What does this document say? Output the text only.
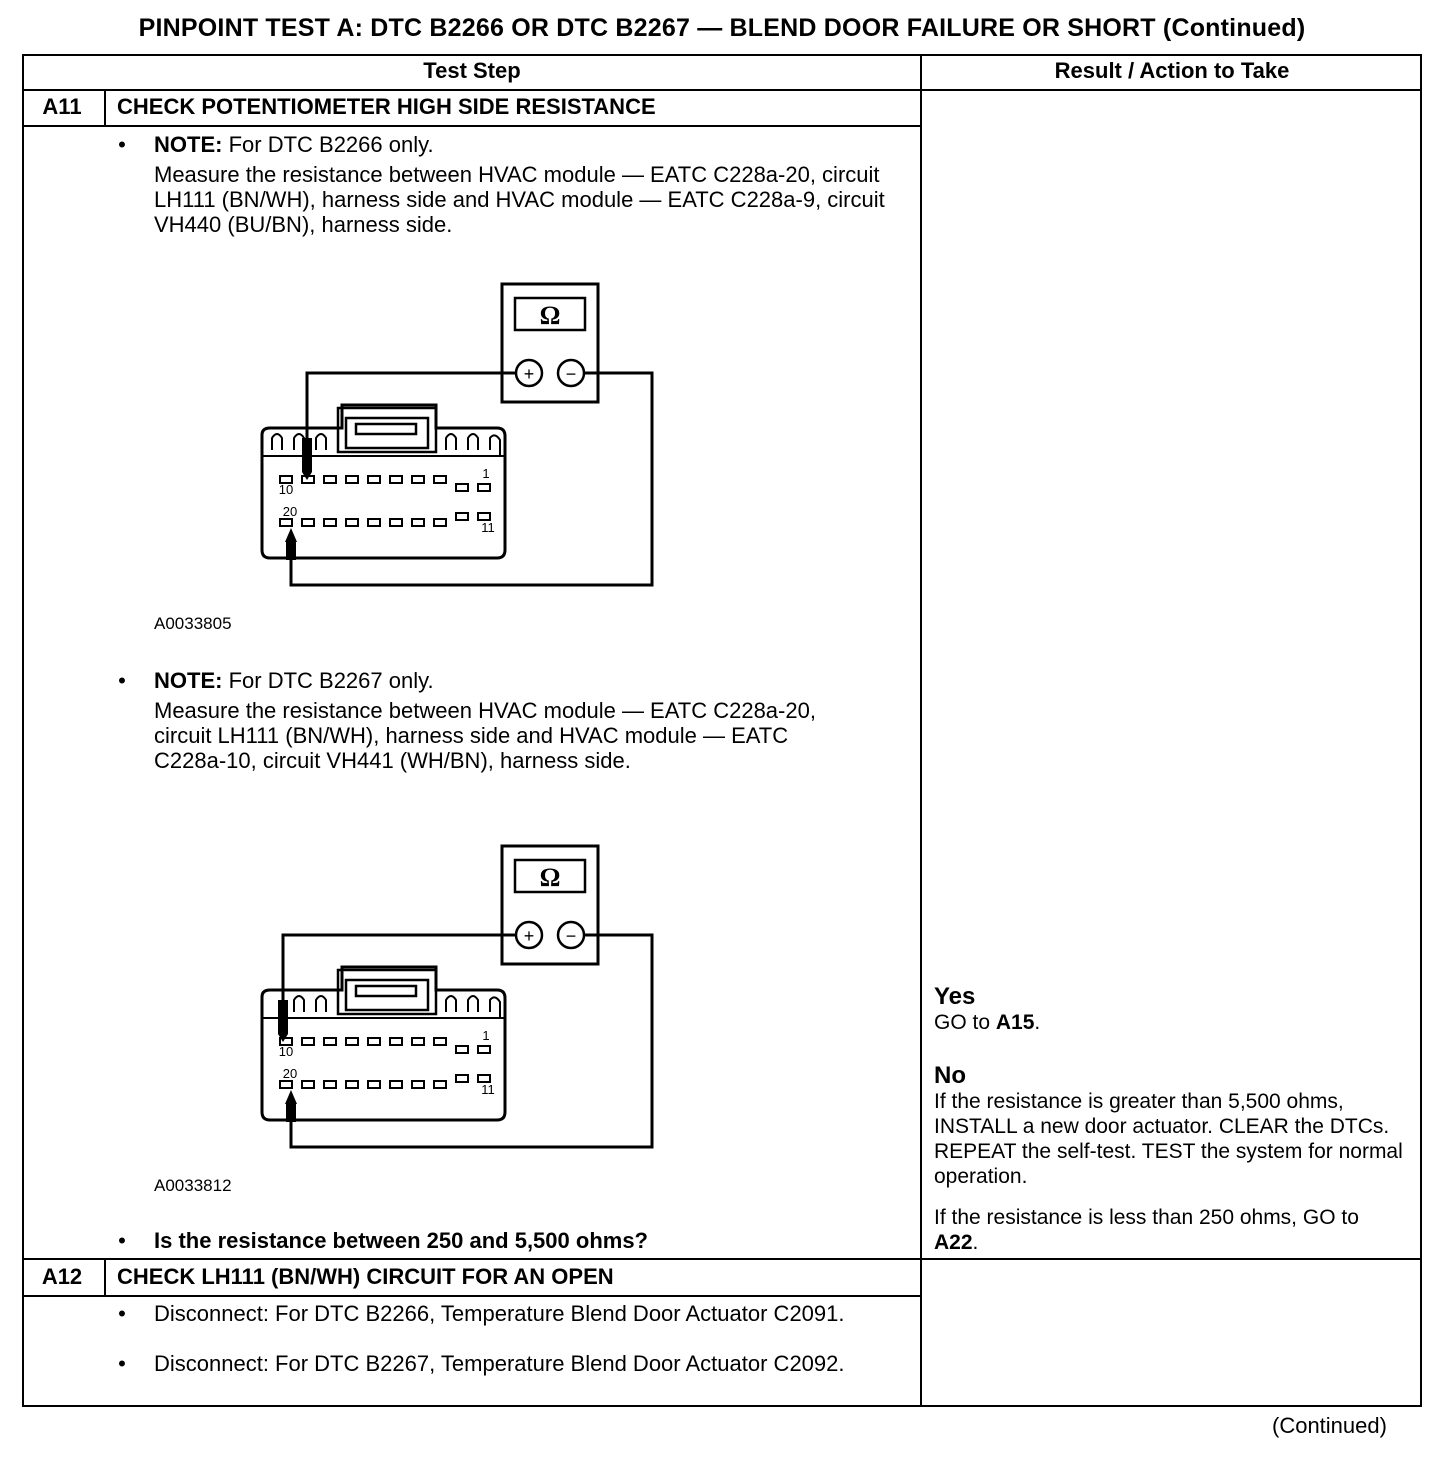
PINPOINT TEST A: DTC B2266 OR DTC B2267 — BLEND DOOR FAILURE OR SHORT (Continued)
Test Step	Result / Action to Take
A11	CHECK POTENTIOMETER HIGH SIDE RESISTANCE
• NOTE: For DTC B2266 only.
Measure the resistance between HVAC module — EATC C228a-20, circuit LH111 (BN/WH), harness side and HVAC module — EATC C228a-9, circuit VH440 (BU/BN), harness side.
Ω
+ −
1
10
11
20
A0033805
• NOTE: For DTC B2267 only.
Measure the resistance between HVAC module — EATC C228a-20, circuit LH111 (BN/WH), harness side and HVAC module — EATC C228a-10, circuit VH441 (WH/BN), harness side.
Ω
+ −
1
10
11
20
A0033812
• Is the resistance between 250 and 5,500 ohms?
Yes
GO to A15.
No
If the resistance is greater than 5,500 ohms, INSTALL a new door actuator. CLEAR the DTCs. REPEAT the self-test. TEST the system for normal operation.
If the resistance is less than 250 ohms, GO to A22.
A12	CHECK LH111 (BN/WH) CIRCUIT FOR AN OPEN
• Disconnect: For DTC B2266, Temperature Blend Door Actuator C2091.
• Disconnect: For DTC B2267, Temperature Blend Door Actuator C2092.
(Continued)
